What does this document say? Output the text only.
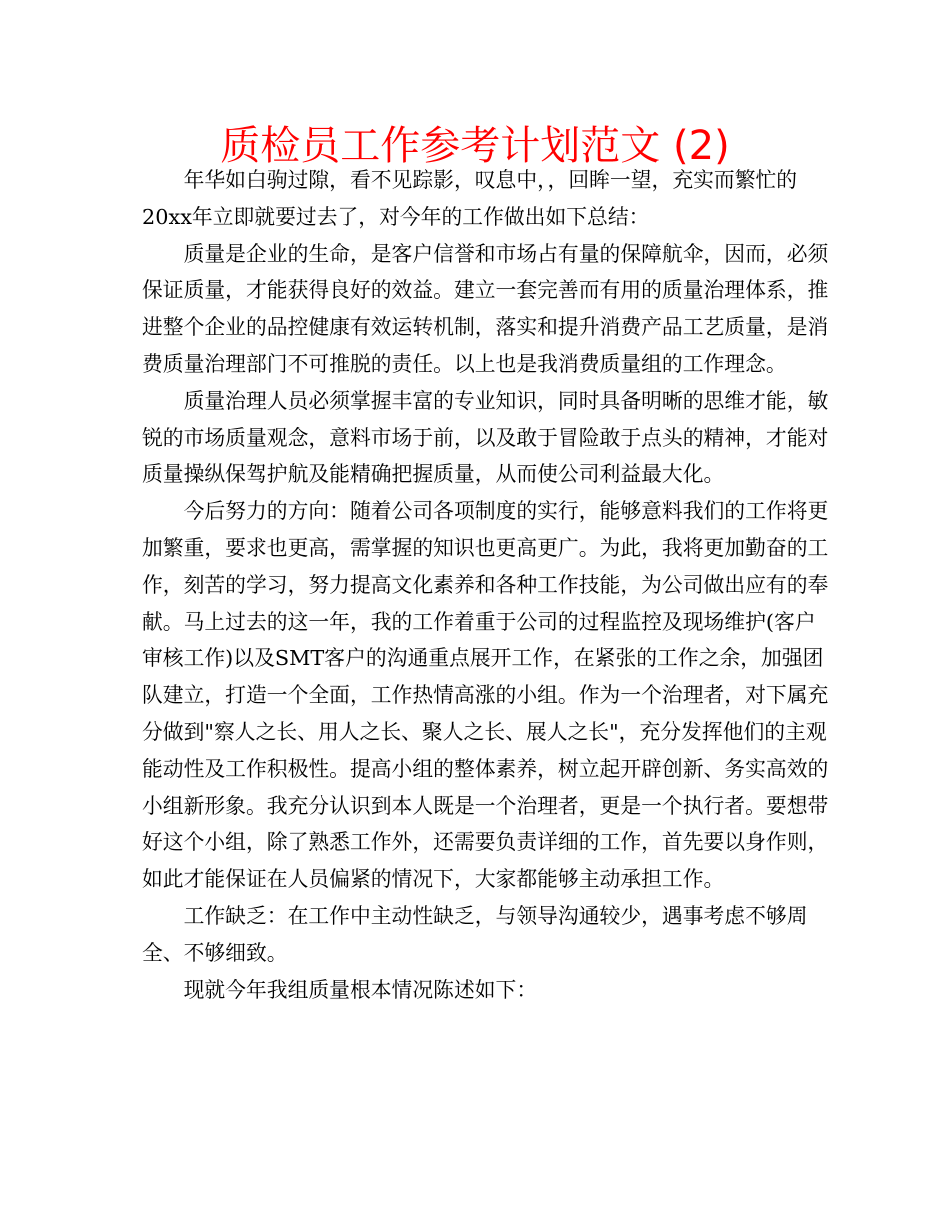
质检员工作参考计划范文 (2)

年华如白驹过隙，看不见踪影，叹息中，，回眸一望，充实而繁忙的20xx年立即就要过去了，对今年的工作做出如下总结：

质量是企业的生命，是客户信誉和市场占有量的保障航伞，因而，必须保证质量，才能获得良好的效益。建立一套完善而有用的质量治理体系，推进整个企业的品控健康有效运转机制，落实和提升消费产品工艺质量，是消费质量治理部门不可推脱的责任。以上也是我消费质量组的工作理念。

质量治理人员必须掌握丰富的专业知识，同时具备明晰的思维才能，敏锐的市场质量观念，意料市场于前，以及敢于冒险敢于点头的精神，才能对质量操纵保驾护航及能精确把握质量，从而使公司利益最大化。

今后努力的方向：随着公司各项制度的实行，能够意料我们的工作将更加繁重，要求也更高，需掌握的知识也更高更广。为此，我将更加勤奋的工作，刻苦的学习，努力提高文化素养和各种工作技能，为公司做出应有的奉献。马上过去的这一年，我的工作着重于公司的过程监控及现场维护(客户审核工作)以及SMT客户的沟通重点展开工作，在紧张的工作之余，加强团队建立，打造一个全面，工作热情高涨的小组。作为一个治理者，对下属充分做到"察人之长、用人之长、聚人之长、展人之长"，充分发挥他们的主观能动性及工作积极性。提高小组的整体素养，树立起开辟创新、务实高效的小组新形象。我充分认识到本人既是一个治理者，更是一个执行者。要想带好这个小组，除了熟悉工作外，还需要负责详细的工作，首先要以身作则，如此才能保证在人员偏紧的情况下，大家都能够主动承担工作。

工作缺乏：在工作中主动性缺乏，与领导沟通较少，遇事考虑不够周全、不够细致。

现就今年我组质量根本情况陈述如下：
